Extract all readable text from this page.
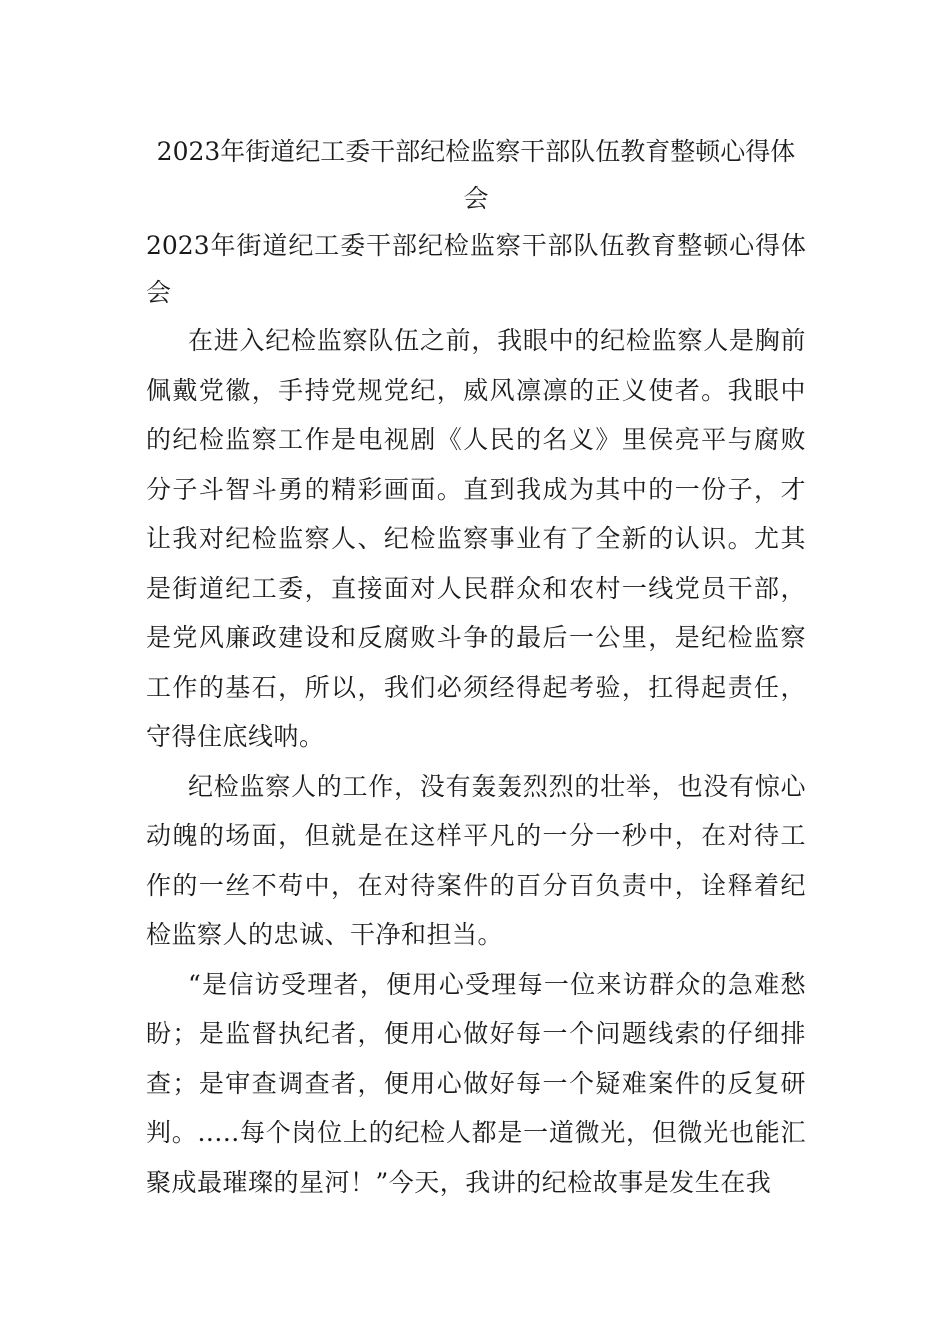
2023年街道纪工委干部纪检监察干部队伍教育整顿心得体会
2023年街道纪工委干部纪检监察干部队伍教育整顿心得体会

在进入纪检监察队伍之前，我眼中的纪检监察人是胸前佩戴党徽，手持党规党纪，威风凛凛的正义使者。我眼中的纪检监察工作是电视剧《人民的名义》里侯亮平与腐败分子斗智斗勇的精彩画面。直到我成为其中的一份子，才让我对纪检监察人、纪检监察事业有了全新的认识。尤其是街道纪工委，直接面对人民群众和农村一线党员干部，是党风廉政建设和反腐败斗争的最后一公里，是纪检监察工作的基石，所以，我们必须经得起考验，扛得起责任，守得住底线呐。

纪检监察人的工作，没有轰轰烈烈的壮举，也没有惊心动魄的场面，但就是在这样平凡的一分一秒中，在对待工作的一丝不苟中，在对待案件的百分百负责中，诠释着纪检监察人的忠诚、干净和担当。

“是信访受理者，便用心受理每一位来访群众的急难愁盼；是监督执纪者，便用心做好每一个问题线索的仔细排查；是审查调查者，便用心做好每一个疑难案件的反复研判。.....每个岗位上的纪检人都是一道微光，但微光也能汇聚成最璀璨的星河！”今天，我讲的纪检故事是发生在我
